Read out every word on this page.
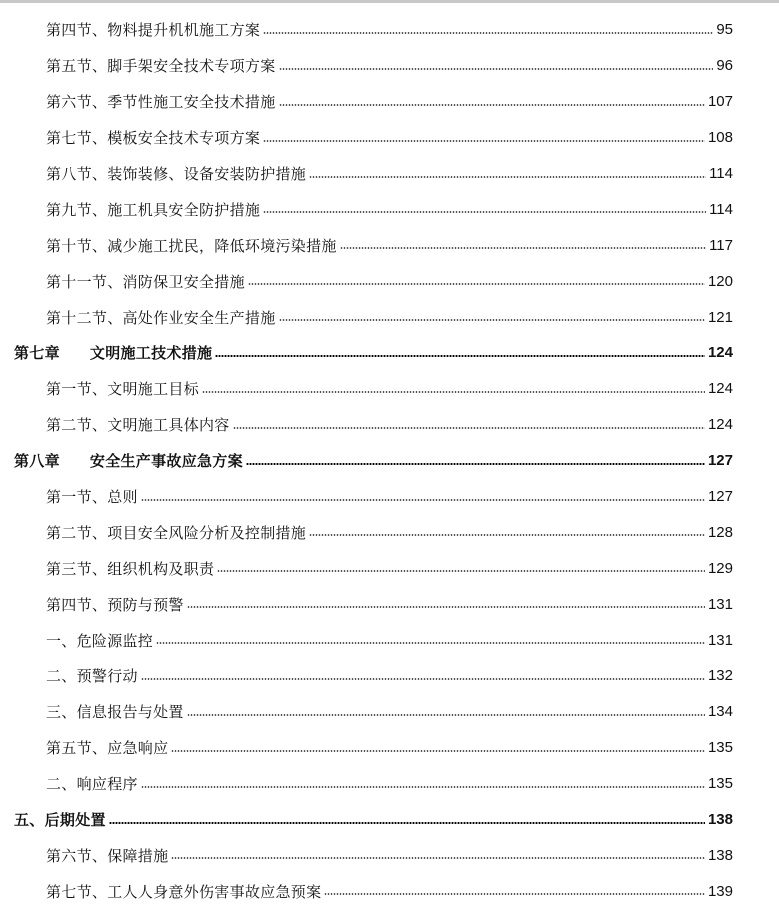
第四节、物料提升机机施工方案	95
第五节、脚手架安全技术专项方案	96
第六节、季节性施工安全技术措施	107
第七节、模板安全技术专项方案	108
第八节、装饰装修、设备安装防护措施	114
第九节、施工机具安全防护措施	114
第十节、减少施工扰民，降低环境污染措施	117
第十一节、消防保卫安全措施	120
第十二节、高处作业安全生产措施	121
第七章 文明施工技术措施	124
第一节、文明施工目标	124
第二节、文明施工具体内容	124
第八章 安全生产事故应急方案	127
第一节、总则	127
第二节、项目安全风险分析及控制措施	128
第三节、组织机构及职责	129
第四节、预防与预警	131
一、危险源监控	131
二、预警行动	132
三、信息报告与处置	134
第五节、应急响应	135
二、响应程序	135
五、后期处置	138
第六节、保障措施	138
第七节、工人人身意外伤害事故应急预案	139
